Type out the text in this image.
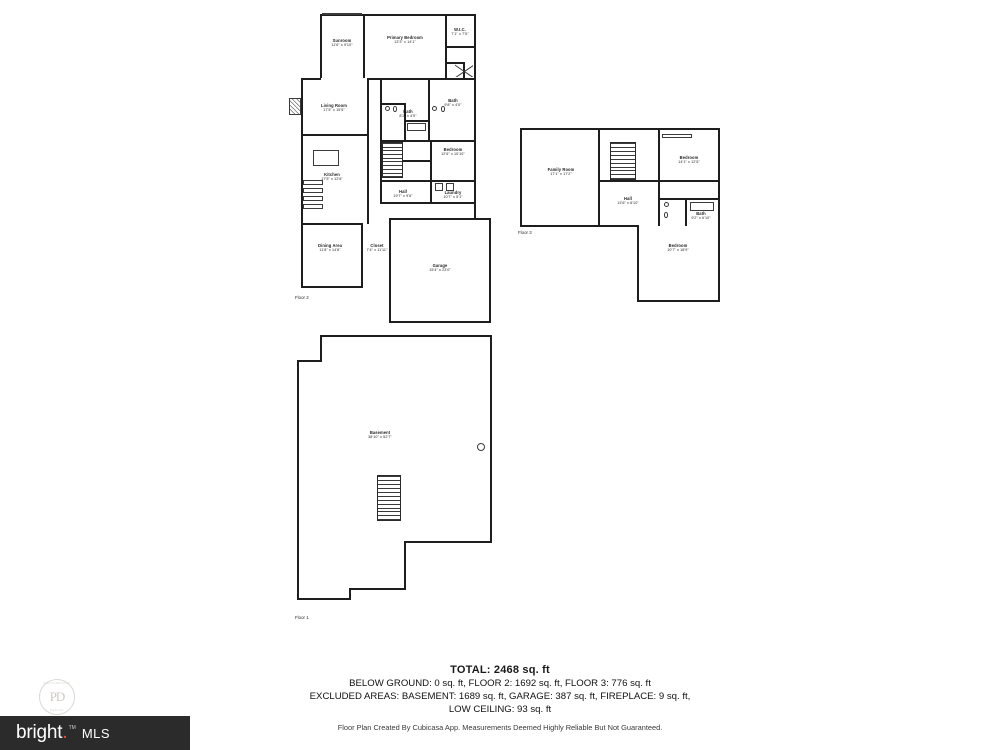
Sunroom
11'6" x 9'10"
Primary Bedroom
13'3" x 14'1"
W.I.C.
7'1" x 7'5"
Living Room
17'5" x 15'5"
Bath
9'8" x 4'0"
Bath
8'2" x 4'9"
Bedroom
12'6" x 10'10"
Kitchen
17'5" x 12'6"
Hall
19'7" x 9'6"
Laundry
10'7" x 5'1"
Dining Area
11'8" x 14'8"
Closet
7'4" x 11'11"
Garage
15'4" x 23'0"
Floor 2
Family Room
17'1" x 17'2"
Bedroom
14'1" x 12'5"
Hall
13'6" x 6'10"
Bath
9'2" x 6'10"
Bedroom
10'7" x 18'9"
Floor 3
Basement
38'10" x 52'7"
Floor 1
TOTAL: 2468 sq. ft
BELOW GROUND: 0 sq. ft, FLOOR 2: 1692 sq. ft, FLOOR 3: 776 sq. ft
EXCLUDED AREAS: BASEMENT: 1689 sq. ft, GARAGE: 387 sq. ft, FIREPLACE: 9 sq. ft,
LOW CEILING: 93 sq. ft
Floor Plan Created By Cubicasa App. Measurements Deemed Highly Reliable But Not Guaranteed.
PHOTOGRAPHY
PD
DESIGN
bright . TM MLS
